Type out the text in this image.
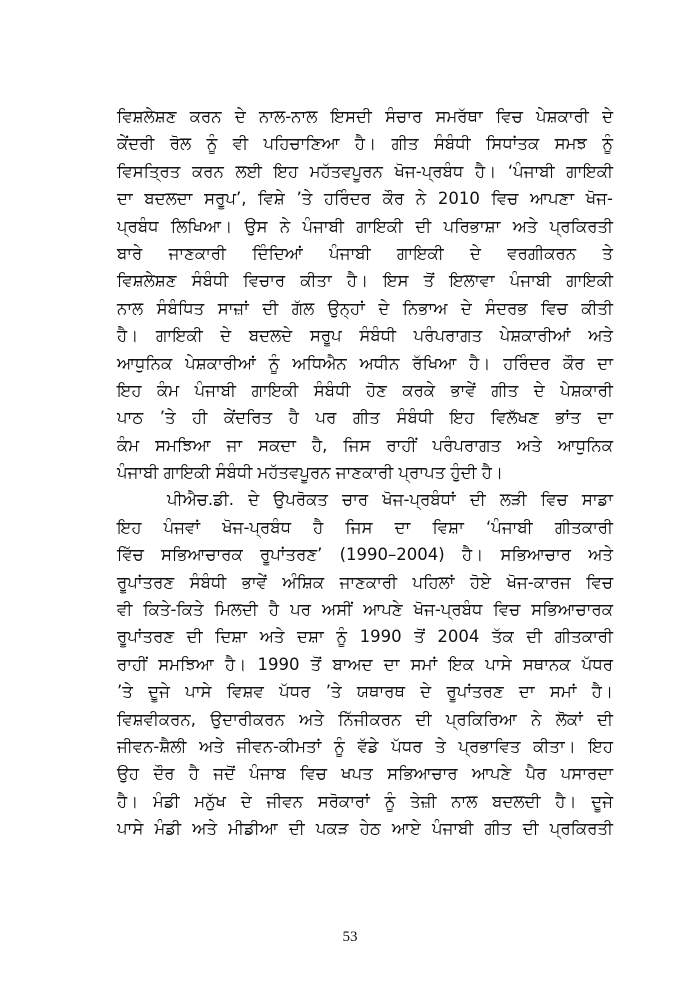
ਵਿਸ਼ਲੇਸ਼ਣ ਕਰਨ ਦੇ ਨਾਲ-ਨਾਲ ਇਸਦੀ ਸੰਚਾਰ ਸਮਰੱਥਾ ਵਿਚ ਪੇਸ਼ਕਾਰੀ ਦੇ
ਕੇਂਦਰੀ ਰੋਲ ਨੂੰ ਵੀ ਪਹਿਚਾਣਿਆ ਹੈ। ਗੀਤ ਸੰਬੰਧੀ ਸਿਧਾਂਤਕ ਸਮਝ ਨੂੰ
ਵਿਸਤ੍ਰਿਤ ਕਰਨ ਲਈ ਇਹ ਮਹੱਤਵਪੂਰਨ ਖੋਜ-ਪ੍ਰਬੰਧ ਹੈ। ‘ਪੰਜਾਬੀ ਗਾਇਕੀ
ਦਾ ਬਦਲਦਾ ਸਰੂਪ’, ਵਿਸ਼ੇ ’ਤੇ ਹਰਿੰਦਰ ਕੌਰ ਨੇ 2010 ਵਿਚ ਆਪਣਾ ਖੋਜ-
ਪ੍ਰਬੰਧ ਲਿਖਿਆ। ਉਸ ਨੇ ਪੰਜਾਬੀ ਗਾਇਕੀ ਦੀ ਪਰਿਭਾਸ਼ਾ ਅਤੇ ਪ੍ਰਕਿਰਤੀ
ਬਾਰੇ ਜਾਣਕਾਰੀ ਦਿੰਦਿਆਂ ਪੰਜਾਬੀ ਗਾਇਕੀ ਦੇ ਵਰਗੀਕਰਨ ਤੇ
ਵਿਸ਼ਲੇਸ਼ਣ ਸੰਬੰਧੀ ਵਿਚਾਰ ਕੀਤਾ ਹੈ। ਇਸ ਤੋਂ ਇਲਾਵਾ ਪੰਜਾਬੀ ਗਾਇਕੀ
ਨਾਲ ਸੰਬੰਧਿਤ ਸਾਜ਼ਾਂ ਦੀ ਗੱਲ ਉਨ੍ਹਾਂ ਦੇ ਨਿਭਾਅ ਦੇ ਸੰਦਰਭ ਵਿਚ ਕੀਤੀ
ਹੈ। ਗਾਇਕੀ ਦੇ ਬਦਲਦੇ ਸਰੂਪ ਸੰਬੰਧੀ ਪਰੰਪਰਾਗਤ ਪੇਸ਼ਕਾਰੀਆਂ ਅਤੇ
ਆਧੁਨਿਕ ਪੇਸ਼ਕਾਰੀਆਂ ਨੂੰ ਅਧਿਐਨ ਅਧੀਨ ਰੱਖਿਆ ਹੈ। ਹਰਿੰਦਰ ਕੌਰ ਦਾ
ਇਹ ਕੰਮ ਪੰਜਾਬੀ ਗਾਇਕੀ ਸੰਬੰਧੀ ਹੋਣ ਕਰਕੇ ਭਾਵੇਂ ਗੀਤ ਦੇ ਪੇਸ਼ਕਾਰੀ
ਪਾਠ ’ਤੇ ਹੀ ਕੇਂਦਰਿਤ ਹੈ ਪਰ ਗੀਤ ਸੰਬੰਧੀ ਇਹ ਵਿਲੱਖਣ ਭਾਂਤ ਦਾ
ਕੰਮ ਸਮਝਿਆ ਜਾ ਸਕਦਾ ਹੈ, ਜਿਸ ਰਾਹੀਂ ਪਰੰਪਰਾਗਤ ਅਤੇ ਆਧੁਨਿਕ
ਪੰਜਾਬੀ ਗਾਇਕੀ ਸੰਬੰਧੀ ਮਹੱਤਵਪੂਰਨ ਜਾਣਕਾਰੀ ਪ੍ਰਾਪਤ ਹੁੰਦੀ ਹੈ।
ਪੀਐਚ.ਡੀ. ਦੇ ਉਪਰੋਕਤ ਚਾਰ ਖੋਜ-ਪ੍ਰਬੰਧਾਂ ਦੀ ਲੜੀ ਵਿਚ ਸਾਡਾ
ਇਹ ਪੰਜਵਾਂ ਖੋਜ-ਪ੍ਰਬੰਧ ਹੈ ਜਿਸ ਦਾ ਵਿਸ਼ਾ ‘ਪੰਜਾਬੀ ਗੀਤਕਾਰੀ
ਵਿੱਚ ਸਭਿਆਚਾਰਕ ਰੂਪਾਂਤਰਣ’ (1990–2004) ਹੈ। ਸਭਿਆਚਾਰ ਅਤੇ
ਰੂਪਾਂਤਰਣ ਸੰਬੰਧੀ ਭਾਵੇਂ ਅੰਸ਼ਿਕ ਜਾਣਕਾਰੀ ਪਹਿਲਾਂ ਹੋਏ ਖੋਜ-ਕਾਰਜ ਵਿਚ
ਵੀ ਕਿਤੇ-ਕਿਤੇ ਮਿਲਦੀ ਹੈ ਪਰ ਅਸੀਂ ਆਪਣੇ ਖੋਜ-ਪ੍ਰਬੰਧ ਵਿਚ ਸਭਿਆਚਾਰਕ
ਰੂਪਾਂਤਰਣ ਦੀ ਦਿਸ਼ਾ ਅਤੇ ਦਸ਼ਾ ਨੂੰ 1990 ਤੋਂ 2004 ਤੱਕ ਦੀ ਗੀਤਕਾਰੀ
ਰਾਹੀਂ ਸਮਝਿਆ ਹੈ। 1990 ਤੋਂ ਬਾਅਦ ਦਾ ਸਮਾਂ ਇਕ ਪਾਸੇ ਸਥਾਨਕ ਪੱਧਰ
’ਤੇ ਦੂਜੇ ਪਾਸੇ ਵਿਸ਼ਵ ਪੱਧਰ ’ਤੇ ਯਥਾਰਥ ਦੇ ਰੂਪਾਂਤਰਣ ਦਾ ਸਮਾਂ ਹੈ।
ਵਿਸ਼ਵੀਕਰਨ, ਉਦਾਰੀਕਰਨ ਅਤੇ ਨਿੱਜੀਕਰਨ ਦੀ ਪ੍ਰਕਿਰਿਆ ਨੇ ਲੋਕਾਂ ਦੀ
ਜੀਵਨ-ਸ਼ੈਲੀ ਅਤੇ ਜੀਵਨ-ਕੀਮਤਾਂ ਨੂੰ ਵੱਡੇ ਪੱਧਰ ਤੇ ਪ੍ਰਭਾਵਿਤ ਕੀਤਾ। ਇਹ
ਉਹ ਦੌਰ ਹੈ ਜਦੋਂ ਪੰਜਾਬ ਵਿਚ ਖਪਤ ਸਭਿਆਚਾਰ ਆਪਣੇ ਪੈਰ ਪਸਾਰਦਾ
ਹੈ। ਮੰਡੀ ਮਨੁੱਖ ਦੇ ਜੀਵਨ ਸਰੋਕਾਰਾਂ ਨੂੰ ਤੇਜ਼ੀ ਨਾਲ ਬਦਲਦੀ ਹੈ। ਦੂਜੇ
ਪਾਸੇ ਮੰਡੀ ਅਤੇ ਮੀਡੀਆ ਦੀ ਪਕੜ ਹੇਠ ਆਏ ਪੰਜਾਬੀ ਗੀਤ ਦੀ ਪ੍ਰਕਿਰਤੀ
53
